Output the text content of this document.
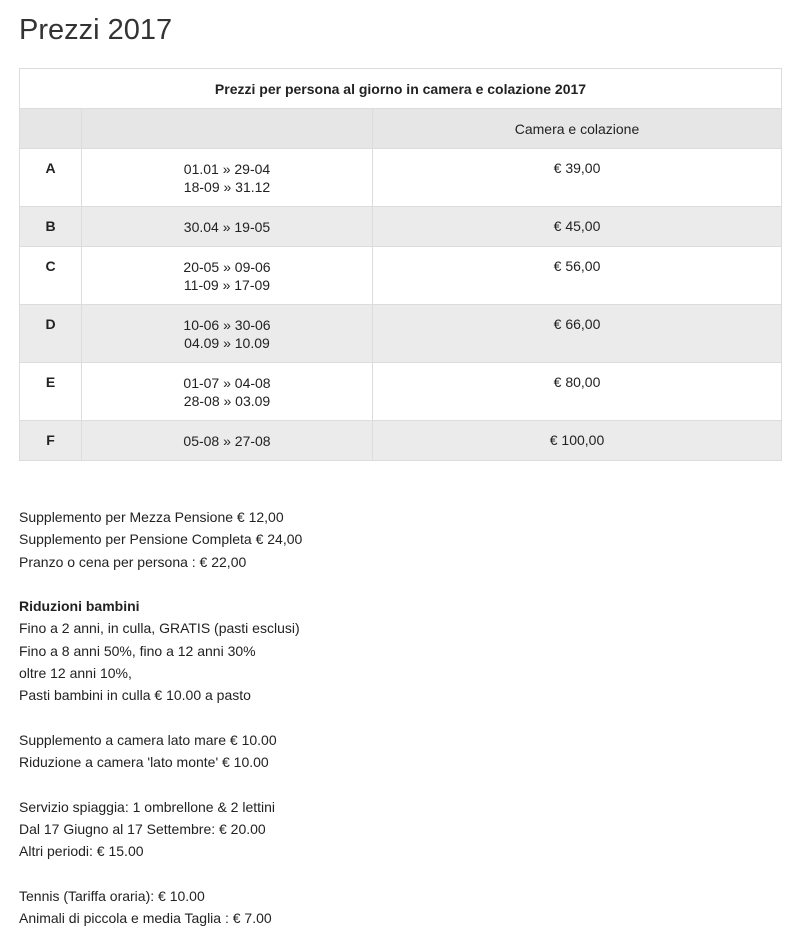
Prezzi 2017
Prezzi per persona al giorno in camera e colazione 2017		
		Camera e colazione
A	01.01 » 29-04
18-09 » 31.12	€ 39,00
B	30.04 » 19-05	€ 45,00
C	20-05 » 09-06
11-09 » 17-09	€ 56,00
D	10-06 » 30-06
04.09 » 10.09	€ 66,00
E	01-07 » 04-08
28-08 » 03.09	€ 80,00
F	05-08 » 27-08	€ 100,00

Supplemento per Mezza Pensione € 12,00
Supplemento per Pensione Completa € 24,00
Pranzo o cena per persona : € 22,00

Riduzioni bambini
Fino a 2 anni, in culla, GRATIS (pasti esclusi)
Fino a 8 anni 50%, fino a 12 anni 30%
oltre 12 anni 10%,
Pasti bambini in culla € 10.00 a pasto

Supplemento a camera lato mare € 10.00
Riduzione a camera 'lato monte' € 10.00

Servizio spiaggia: 1 ombrellone & 2 lettini
Dal 17 Giugno al 17 Settembre: € 20.00
Altri periodi: € 15.00

Tennis (Tariffa oraria): € 10.00
Animali di piccola e media Taglia : € 7.00
